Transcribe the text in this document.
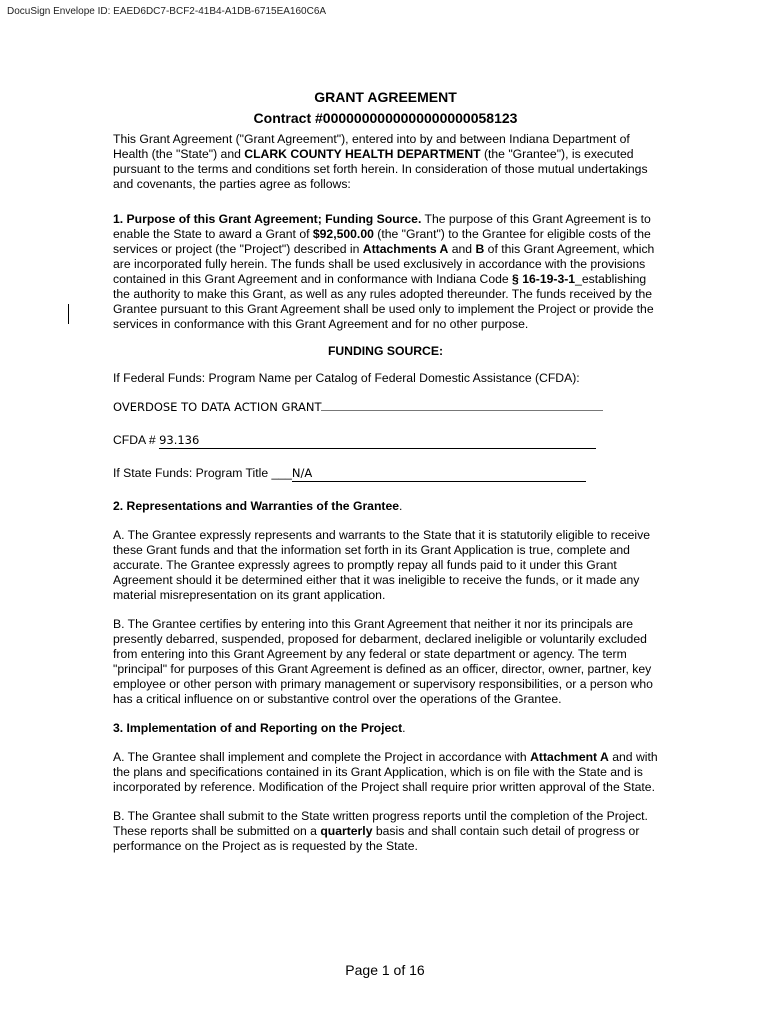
DocuSign Envelope ID: EAED6DC7-BCF2-41B4-A1DB-6715EA160C6A
GRANT AGREEMENT
Contract #0000000000000000000058123

This Grant Agreement ("Grant Agreement"), entered into by and between Indiana Department of Health (the "State") and CLARK COUNTY HEALTH DEPARTMENT (the "Grantee"), is executed pursuant to the terms and conditions set forth herein. In consideration of those mutual undertakings and covenants, the parties agree as follows:

1. Purpose of this Grant Agreement; Funding Source. The purpose of this Grant Agreement is to enable the State to award a Grant of $92,500.00 (the "Grant") to the Grantee for eligible costs of the services or project (the "Project") described in Attachments A and B of this Grant Agreement, which are incorporated fully herein. The funds shall be used exclusively in accordance with the provisions contained in this Grant Agreement and in conformance with Indiana Code § 16-19-3-1_establishing the authority to make this Grant, as well as any rules adopted thereunder. The funds received by the Grantee pursuant to this Grant Agreement shall be used only to implement the Project or provide the services in conformance with this Grant Agreement and for no other purpose.

FUNDING SOURCE:

If Federal Funds: Program Name per Catalog of Federal Domestic Assistance (CFDA):

OVERDOSE TO DATA ACTION GRANT
CFDA # 93.136
If State Funds: Program Title ___N/A
2. Representations and Warranties of the Grantee.

A. The Grantee expressly represents and warrants to the State that it is statutorily eligible to receive these Grant funds and that the information set forth in its Grant Application is true, complete and accurate. The Grantee expressly agrees to promptly repay all funds paid to it under this Grant Agreement should it be determined either that it was ineligible to receive the funds, or it made any material misrepresentation on its grant application.

B. The Grantee certifies by entering into this Grant Agreement that neither it nor its principals are presently debarred, suspended, proposed for debarment, declared ineligible or voluntarily excluded from entering into this Grant Agreement by any federal or state department or agency. The term "principal" for purposes of this Grant Agreement is defined as an officer, director, owner, partner, key employee or other person with primary management or supervisory responsibilities, or a person who has a critical influence on or substantive control over the operations of the Grantee.

3. Implementation of and Reporting on the Project.

A. The Grantee shall implement and complete the Project in accordance with Attachment A and with the plans and specifications contained in its Grant Application, which is on file with the State and is incorporated by reference. Modification of the Project shall require prior written approval of the State.

B. The Grantee shall submit to the State written progress reports until the completion of the Project. These reports shall be submitted on a quarterly basis and shall contain such detail of progress or performance on the Project as is requested by the State.

Page 1 of 16
